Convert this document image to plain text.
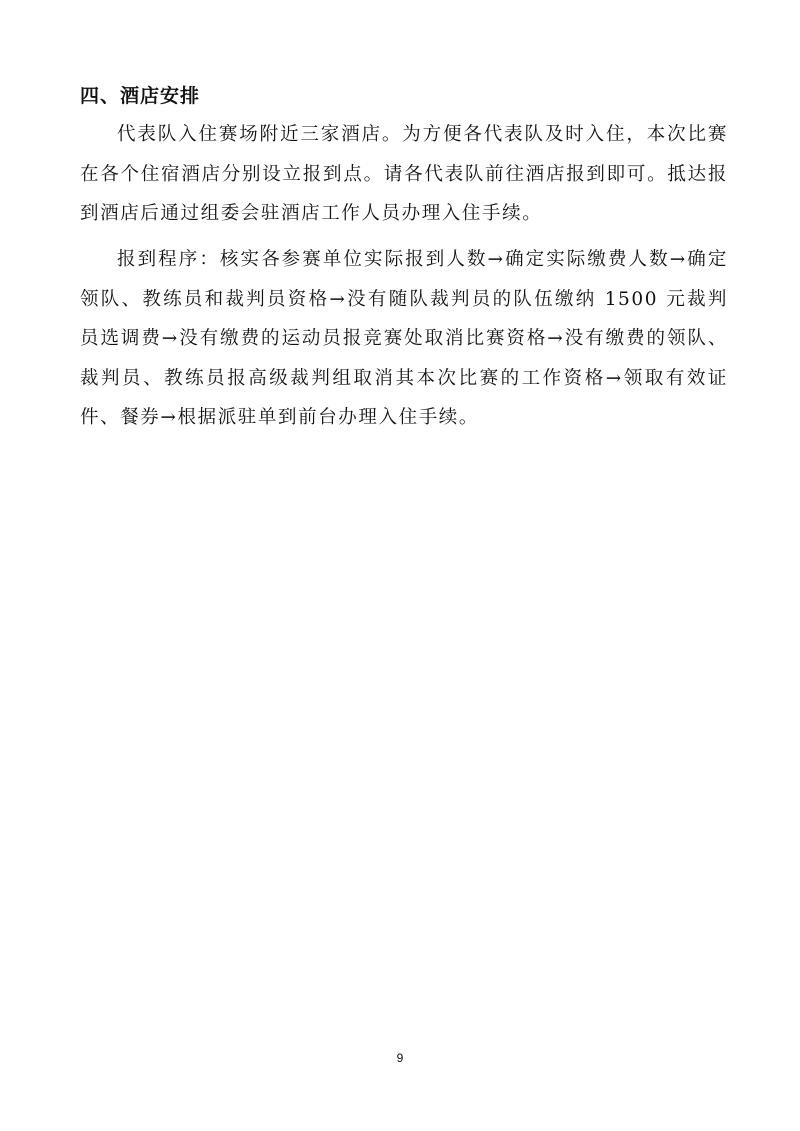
四、酒店安排

代表队入住赛场附近三家酒店。为方便各代表队及时入住，本次比赛在各个住宿酒店分别设立报到点。请各代表队前往酒店报到即可。抵达报到酒店后通过组委会驻酒店工作人员办理入住手续。

报到程序：核实各参赛单位实际报到人数→确定实际缴费人数→确定领队、教练员和裁判员资格→没有随队裁判员的队伍缴纳 1500 元裁判员选调费→没有缴费的运动员报竞赛处取消比赛资格→没有缴费的领队、裁判员、教练员报高级裁判组取消其本次比赛的工作资格→领取有效证件、餐券→根据派驻单到前台办理入住手续。

9
